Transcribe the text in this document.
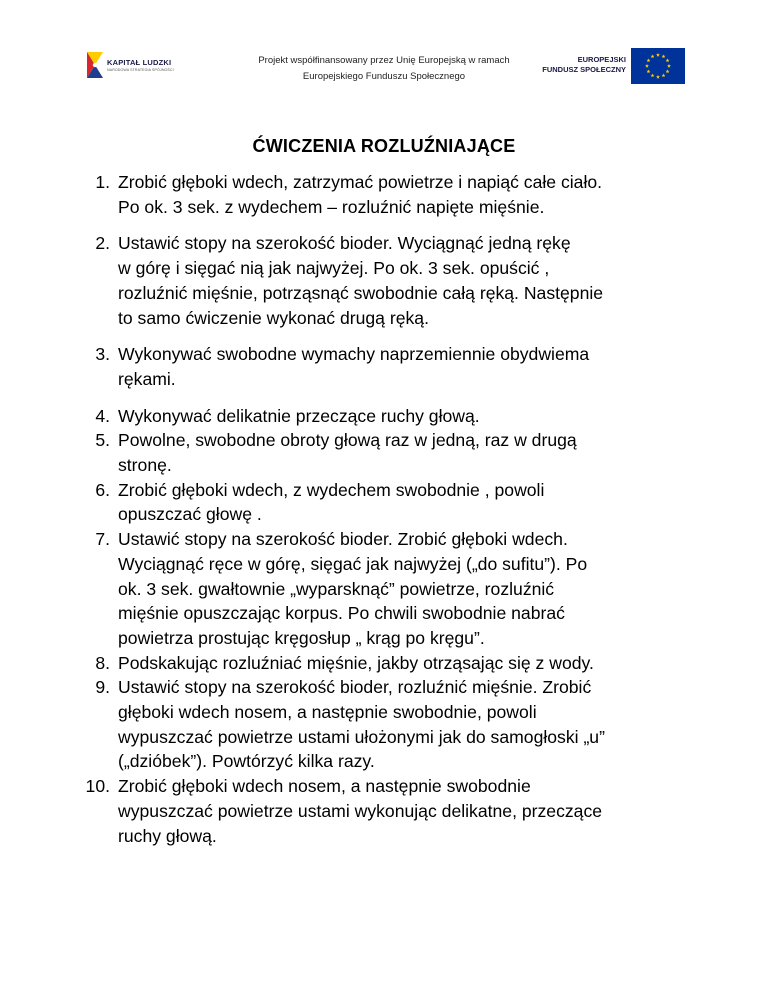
KAPITAŁ LUDZKI
NARODOWA STRATEGIA SPÓJNOŚCI
Projekt współfinansowany przez Unię Europejską w ramach
Europejskiego Funduszu Społecznego
EUROPEJSKI
FUNDUSZ SPOŁECZNY
ĆWICZENIA ROZLUŹNIAJĄCE
1. Zrobić głęboki wdech, zatrzymać powietrze i napiąć całe ciało.
Po ok. 3 sek. z wydechem – rozluźnić napięte mięśnie.
2. Ustawić stopy na szerokość bioder. Wyciągnąć jedną rękę
w górę i sięgać nią jak najwyżej. Po ok. 3 sek. opuścić ,
rozluźnić mięśnie, potrząsnąć swobodnie całą ręką. Następnie
to samo ćwiczenie wykonać drugą ręką.
3. Wykonywać swobodne wymachy naprzemiennie obydwiema
rękami.
4. Wykonywać delikatnie przeczące ruchy głową.
5. Powolne, swobodne obroty głową raz w jedną, raz w drugą
stronę.
6. Zrobić głęboki wdech, z wydechem swobodnie , powoli
opuszczać głowę .
7. Ustawić stopy na szerokość bioder. Zrobić głęboki wdech.
Wyciągnąć ręce w górę, sięgać jak najwyżej („do sufitu”). Po
ok. 3 sek. gwałtownie „wyparsknąć” powietrze, rozluźnić
mięśnie opuszczając korpus. Po chwili swobodnie nabrać
powietrza prostując kręgosłup „ krąg po kręgu”.
8. Podskakując rozluźniać mięśnie, jakby otrząsając się z wody.
9. Ustawić stopy na szerokość bioder, rozluźnić mięśnie. Zrobić
głęboki wdech nosem, a następnie swobodnie, powoli
wypuszczać powietrze ustami ułożonymi jak do samogłoski „u”
(„dzióbek”). Powtórzyć kilka razy.
10. Zrobić głęboki wdech nosem, a następnie swobodnie
wypuszczać powietrze ustami wykonując delikatne, przeczące
ruchy głową.
